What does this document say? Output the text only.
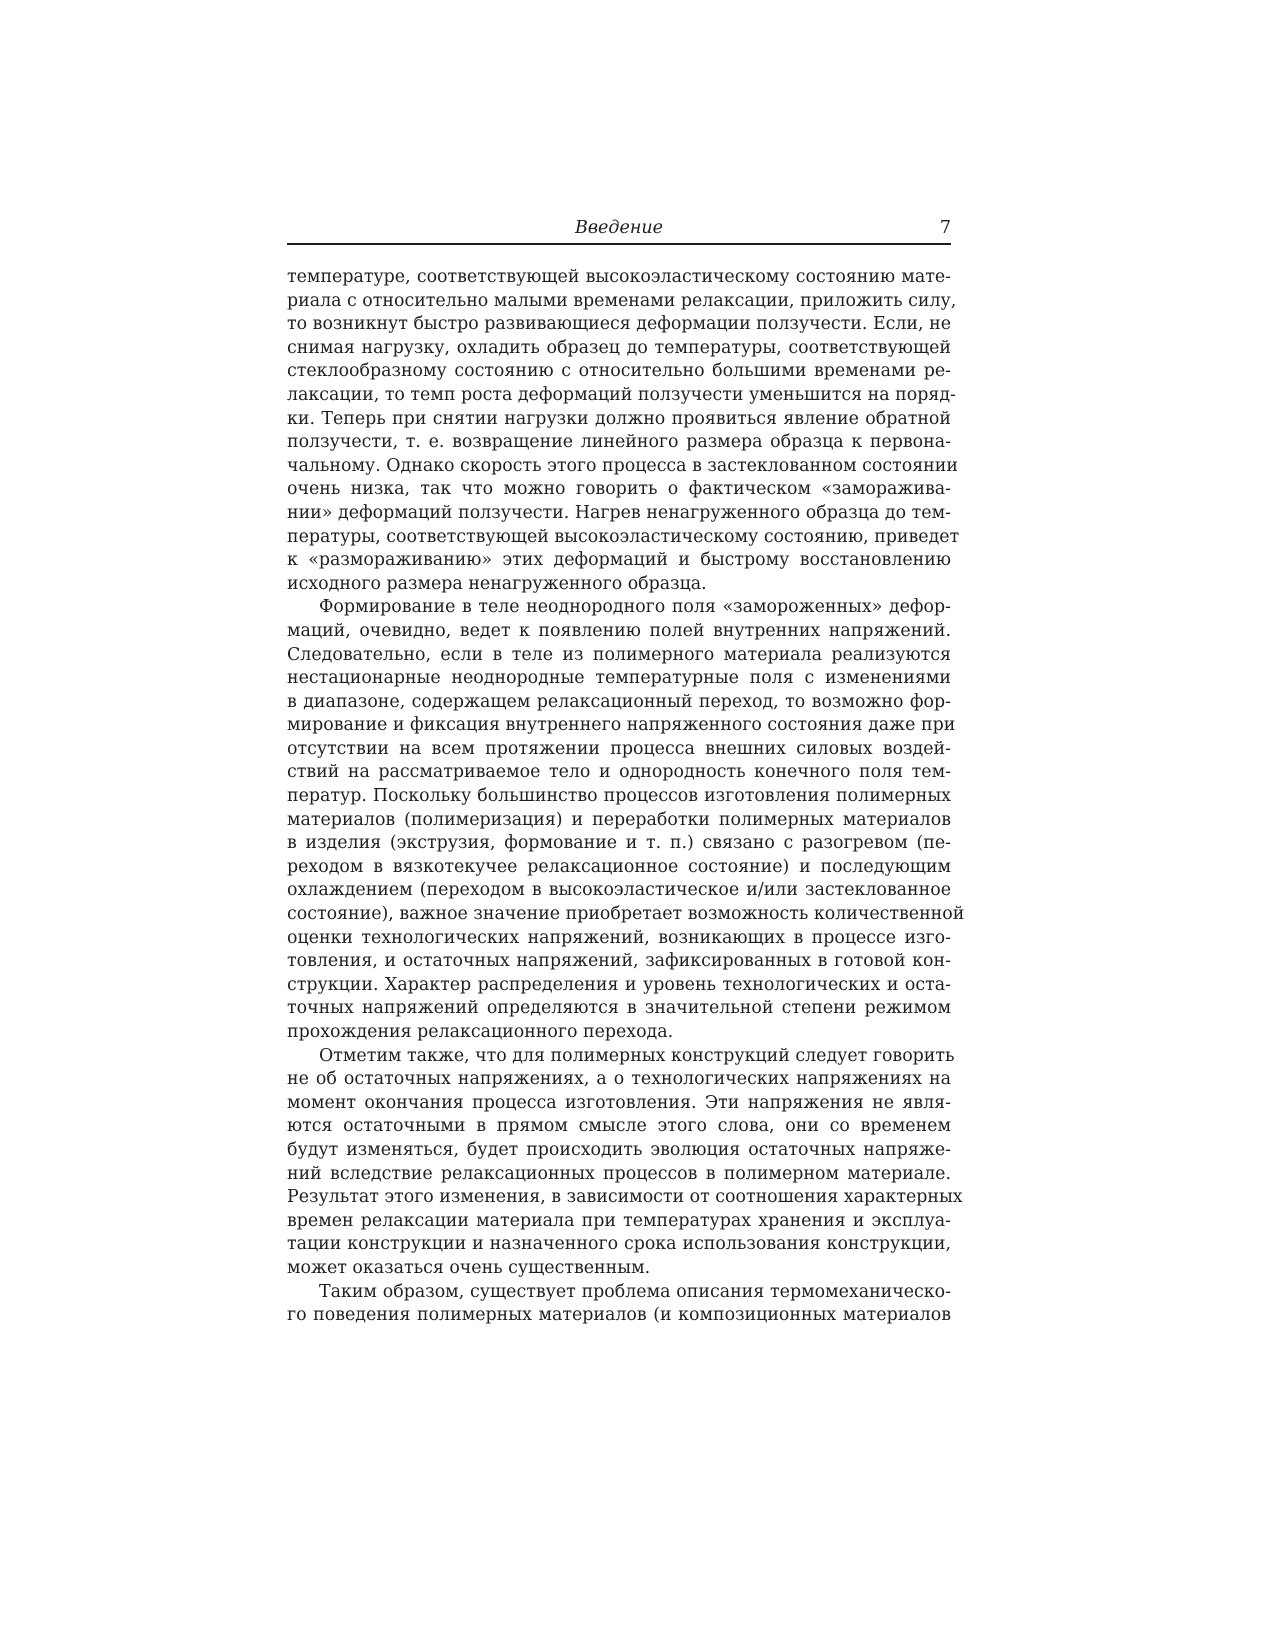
Введение	7
температуре, соответствующей высокоэластическому состоянию мате-
риала с относительно малыми временами релаксации, приложить силу,
то возникнут быстро развивающиеся деформации ползучести. Если, не
снимая нагрузку, охладить образец до температуры, соответствующей
стеклообразному состоянию с относительно большими временами ре-
лаксации, то темп роста деформаций ползучести уменьшится на поряд-
ки. Теперь при снятии нагрузки должно проявиться явление обратной
ползучести, т. е. возвращение линейного размера образца к первона-
чальному. Однако скорость этого процесса в застеклованном состоянии
очень низка, так что можно говорить о фактическом «заморажива-
нии» деформаций ползучести. Нагрев ненагруженного образца до тем-
пературы, соответствующей высокоэластическому состоянию, приведет
к «размораживанию» этих деформаций и быстрому восстановлению
исходного размера ненагруженного образца.
Формирование в теле неоднородного поля «замороженных» дефор-
маций, очевидно, ведет к появлению полей внутренних напряжений.
Следовательно, если в теле из полимерного материала реализуются
нестационарные неоднородные температурные поля с изменениями
в диапазоне, содержащем релаксационный переход, то возможно фор-
мирование и фиксация внутреннего напряженного состояния даже при
отсутствии на всем протяжении процесса внешних силовых воздей-
ствий на рассматриваемое тело и однородность конечного поля тем-
ператур. Поскольку большинство процессов изготовления полимерных
материалов (полимеризация) и переработки полимерных материалов
в изделия (экструзия, формование и т. п.) связано с разогревом (пе-
реходом в вязкотекучее релаксационное состояние) и последующим
охлаждением (переходом в высокоэластическое и/или застеклованное
состояние), важное значение приобретает возможность количественной
оценки технологических напряжений, возникающих в процессе изго-
товления, и остаточных напряжений, зафиксированных в готовой кон-
струкции. Характер распределения и уровень технологических и оста-
точных напряжений определяются в значительной степени режимом
прохождения релаксационного перехода.
Отметим также, что для полимерных конструкций следует говорить
не об остаточных напряжениях, а о технологических напряжениях на
момент окончания процесса изготовления. Эти напряжения не явля-
ются остаточными в прямом смысле этого слова, они со временем
будут изменяться, будет происходить эволюция остаточных напряже-
ний вследствие релаксационных процессов в полимерном материале.
Результат этого изменения, в зависимости от соотношения характерных
времен релаксации материала при температурах хранения и эксплуа-
тации конструкции и назначенного срока использования конструкции,
может оказаться очень существенным.
Таким образом, существует проблема описания термомеханическо-
го поведения полимерных материалов (и композиционных материалов
